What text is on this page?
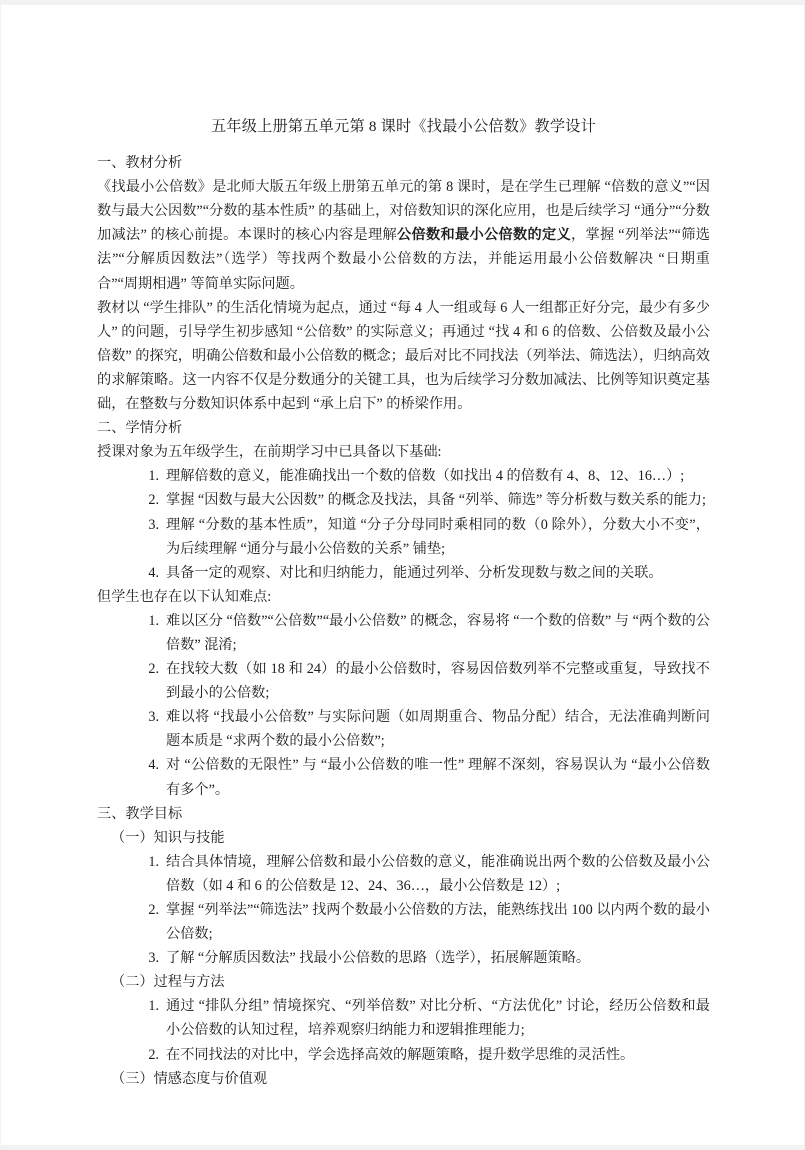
五年级上册第五单元第 8 课时《找最小公倍数》教学设计
一、教材分析

《找最小公倍数》是北师大版五年级上册第五单元的第 8 课时，是在学生已理解 “倍数的意义”“因数与最大公因数”“分数的基本性质” 的基础上，对倍数知识的深化应用，也是后续学习 “通分”“分数加减法” 的核心前提。本课时的核心内容是理解公倍数和最小公倍数的定义，掌握 “列举法”“筛选法”“分解质因数法”（选学）等找两个数最小公倍数的方法，并能运用最小公倍数解决 “日期重合”“周期相遇” 等简单实际问题。

教材以 “学生排队” 的生活化情境为起点，通过 “每 4 人一组或每 6 人一组都正好分完，最少有多少人” 的问题，引导学生初步感知 “公倍数” 的实际意义；再通过 “找 4 和 6 的倍数、公倍数及最小公倍数” 的探究，明确公倍数和最小公倍数的概念；最后对比不同找法（列举法、筛选法），归纳高效的求解策略。这一内容不仅是分数通分的关键工具，也为后续学习分数加减法、比例等知识奠定基础，在整数与分数知识体系中起到 “承上启下” 的桥梁作用。

二、学情分析

授课对象为五年级学生，在前期学习中已具备以下基础:

理解倍数的意义，能准确找出一个数的倍数（如找出 4 的倍数有 4、8、12、16…）;
掌握 “因数与最大公因数” 的概念及找法，具备 “列举、筛选” 等分析数与数关系的能力;
理解 “分数的基本性质”，知道 “分子分母同时乘相同的数（0 除外），分数大小不变”，为后续理解 “通分与最小公倍数的关系” 铺垫;
具备一定的观察、对比和归纳能力，能通过列举、分析发现数与数之间的关联。

但学生也存在以下认知难点:

难以区分 “倍数”“公倍数”“最小公倍数” 的概念，容易将 “一个数的倍数” 与 “两个数的公倍数” 混淆;
在找较大数（如 18 和 24）的最小公倍数时，容易因倍数列举不完整或重复，导致找不到最小的公倍数;
难以将 “找最小公倍数” 与实际问题（如周期重合、物品分配）结合，无法准确判断问题本质是 “求两个数的最小公倍数”;
对 “公倍数的无限性” 与 “最小公倍数的唯一性” 理解不深刻，容易误认为 “最小公倍数有多个”。
三、教学目标
（一）知识与技能
结合具体情境，理解公倍数和最小公倍数的意义，能准确说出两个数的公倍数及最小公倍数（如 4 和 6 的公倍数是 12、24、36…，最小公倍数是 12）;
掌握 “列举法”“筛选法” 找两个数最小公倍数的方法，能熟练找出 100 以内两个数的最小公倍数;
了解 “分解质因数法” 找最小公倍数的思路（选学），拓展解题策略。
（二）过程与方法
通过 “排队分组” 情境探究、“列举倍数” 对比分析、“方法优化” 讨论，经历公倍数和最小公倍数的认知过程，培养观察归纳能力和逻辑推理能力;
在不同找法的对比中，学会选择高效的解题策略，提升数学思维的灵活性。
（三）情感态度与价值观
